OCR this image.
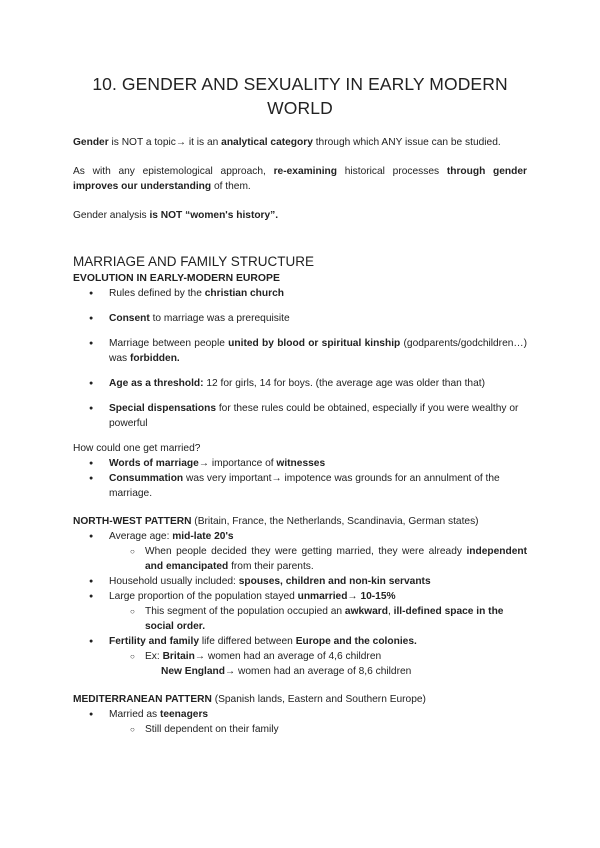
10. GENDER AND SEXUALITY IN EARLY MODERN WORLD

Gender is NOT a topic→ it is an analytical category through which ANY issue can be studied.

As with any epistemological approach, re-examining historical processes through gender improves our understanding of them.

Gender analysis is NOT “women's history”.

MARRIAGE AND FAMILY STRUCTURE
EVOLUTION IN EARLY-MODERN EUROPE
● Rules defined by the christian church
● Consent to marriage was a prerequisite
● Marriage between people united by blood or spiritual kinship (godparents/godchildren…) was forbidden.
● Age as a threshold: 12 for girls, 14 for boys. (the average age was older than that)
● Special dispensations for these rules could be obtained, especially if you were wealthy or powerful

How could one get married?

● Words of marriage→ importance of witnesses
● Consummation was very important→ impotence was grounds for an annulment of the marriage.

NORTH-WEST PATTERN (Britain, France, the Netherlands, Scandinavia, German states)

● Average age: mid-late 20's
○ When people decided they were getting married, they were already independent and emancipated from their parents.
● Household usually included: spouses, children and non-kin servants
● Large proportion of the population stayed unmarried→ 10-15%
○ This segment of the population occupied an awkward, ill-defined space in the social order.
● Fertility and family life differed between Europe and the colonies.
○ Ex: Britain→ women had an average of 4,6 children
New England→ women had an average of 8,6 children

MEDITERRANEAN PATTERN (Spanish lands, Eastern and Southern Europe)

● Married as teenagers
○ Still dependent on their family
